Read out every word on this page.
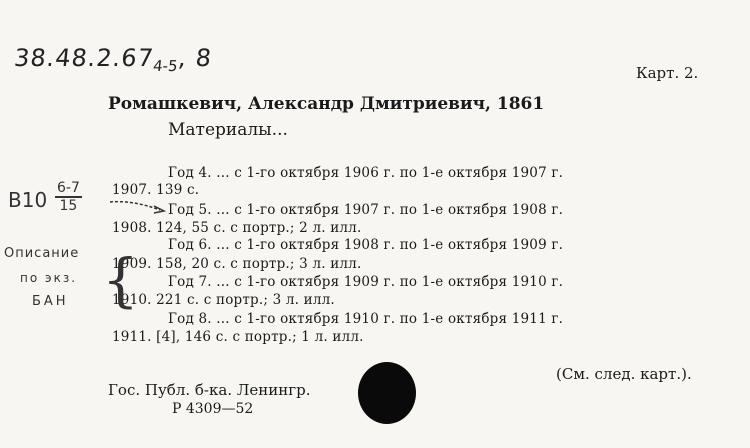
$38.48.2.67_{4-5}$, 8
Карт. 2.
Ромашкевич, Александр Дмитриевич, 1861
Материалы...
Год 4. ... с 1-го октября 1906 г. по 1-е октября 1907 г.
1907. 139 с.
Год 5. ... с 1-го октября 1907 г. по 1-е октября 1908 г.
1908. 124, 55 с. с портр.; 2 л. илл.
Год 6. ... с 1-го октября 1908 г. по 1-е октября 1909 г.
1909. 158, 20 с. с портр.; 3 л. илл.
Год 7. ... с 1-го октября 1909 г. по 1-е октября 1910 г.
1910. 221 с. с портр.; 3 л. илл.
Год 8. ... с 1-го октября 1910 г. по 1-е октября 1911 г.
1911. [4], 146 с. с портр.; 1 л. илл.
$В10 \frac{6-7}{15}$
Описание
по экз.
БАН {
(См. след. карт.).
Гос. Публ. б-ка. Ленингр.
Р 4309—52
